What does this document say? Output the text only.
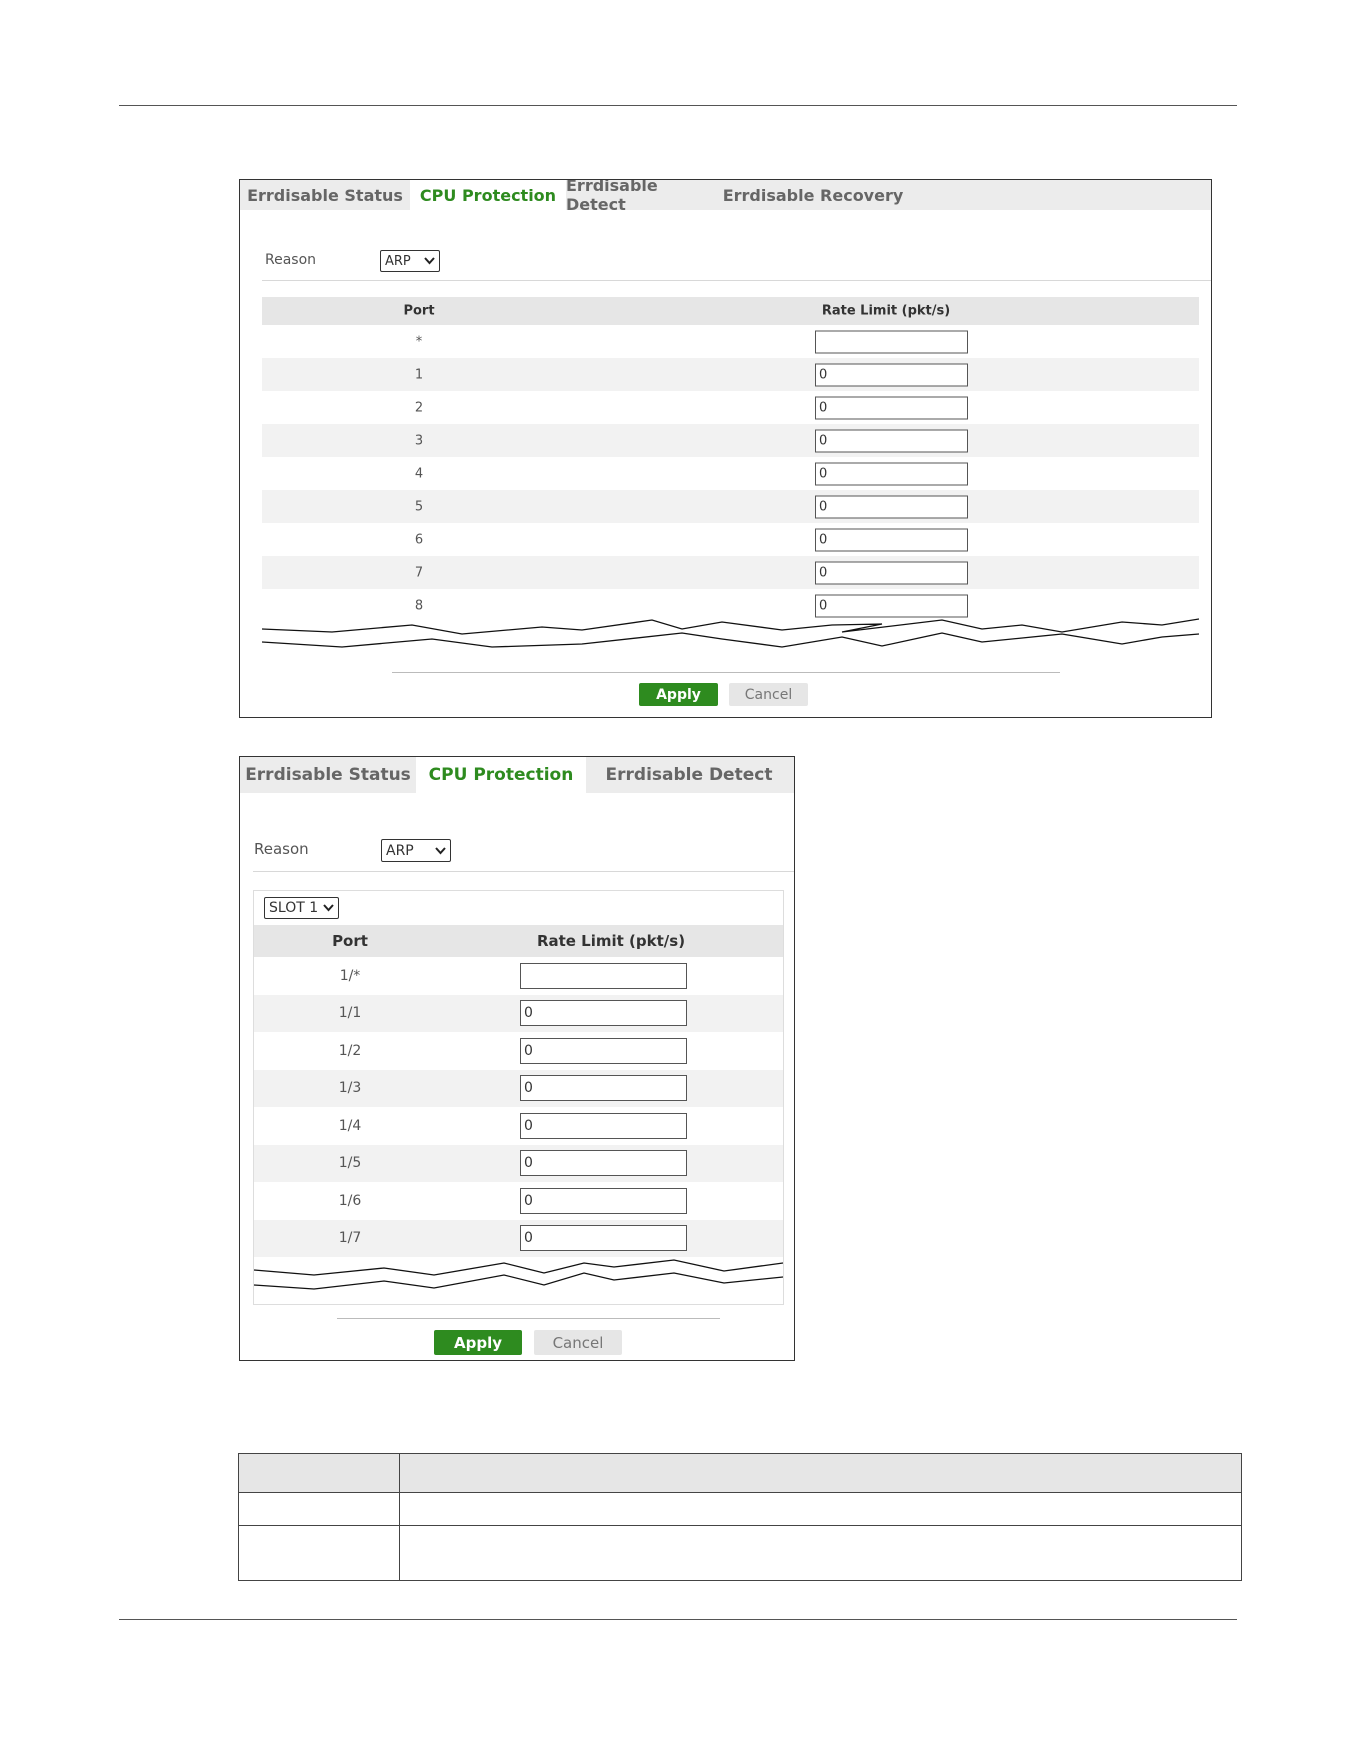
Errdisable Status	CPU Protection Errdisable Detect	Errdisable Recovery
Reason	ARP
Port	Rate Limit (pkt/s)
*
1	0
2	0
3	0
4	0
5	0
6	0
7	0
8	0
Apply	Cancel
Errdisable Status	CPU Protection	Errdisable Detect
Reason	ARP
SLOT 1
Port	Rate Limit (pkt/s)
1/*
1/1	0
1/2	0
1/3	0
1/4	0
1/5	0
1/6	0
1/7	0
Apply	Cancel
